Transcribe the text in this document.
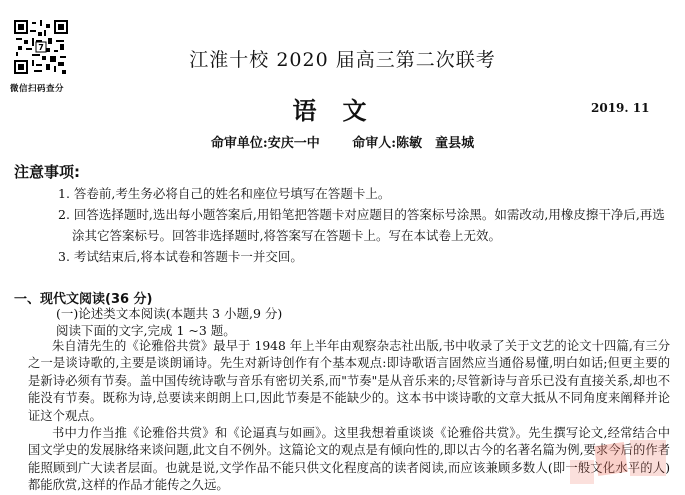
7
微信扫码查分
江淮十校 2020 届高三第二次联考
语文	2019. 11
命审单位:安庆一中	命审人:陈敏　童县城
注意事项:
1. 答卷前,考生务必将自己的姓名和座位号填写在答题卡上。
2. 回答选择题时,选出每小题答案后,用铅笔把答题卡对应题目的答案标号涂黑。如需改动,用橡皮擦干净后,再选涂其它答案标号。回答非选择题时,将答案写在答题卡上。写在本试卷上无效。
3. 考试结束后,将本试卷和答题卡一并交回。
一、现代文阅读(36 分)
(一)论述类文本阅读(本题共 3 小题,9 分)
阅读下面的文字,完成 1 ~3 题。

朱自清先生的《论雅俗共赏》最早于 1948 年上半年由观察杂志社出版,书中收录了关于文艺的论文十四篇,有三分之一是谈诗歌的,主要是谈朗诵诗。先生对新诗创作有个基本观点:即诗歌语言固然应当通俗易懂,明白如话;但更主要的是新诗必须有节奏。盖中国传统诗歌与音乐有密切关系,而"节奏"是从音乐来的;尽管新诗与音乐已没有直接关系,却也不能没有节奏。既称为诗,总要读来朗朗上口,因此节奏是不能缺少的。这本书中谈诗歌的文章大抵从不同角度来阐释并论证这个观点。

书中力作当推《论雅俗共赏》和《论逼真与如画》。这里我想着重谈谈《论雅俗共赏》。先生撰写论文,经常结合中国文学史的发展脉络来谈问题,此文自不例外。这篇论文的观点是有倾向性的,即以古今的名著名篇为例,要求今后的作者能照顾到广大读者层面。也就是说,文学作品不能只供文化程度高的读者阅读,而应该兼顾多数人(即一般文化水平的人)都能欣赏,这样的作品才能传之久远。
